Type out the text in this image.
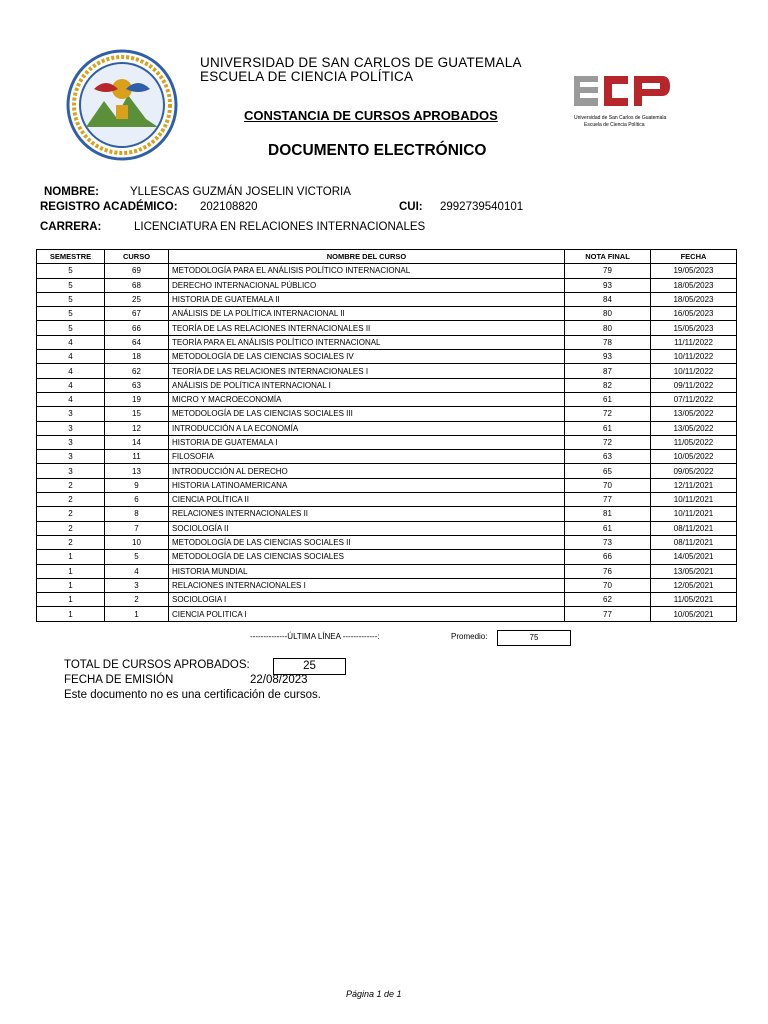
UNIVERSIDAD DE SAN CARLOS DE GUATEMALA
ESCUELA DE CIENCIA POLÍTICA
Universidad de San Carlos de Guatemala
Escuela de Ciencia Política
CONSTANCIA DE CURSOS APROBADOS
DOCUMENTO ELECTRÓNICO
NOMBRE:	YLLESCAS GUZMÁN JOSELIN VICTORIA
REGISTRO ACADÉMICO: 202108820	CUI: 2992739540101
CARRERA:	LICENCIATURA EN RELACIONES INTERNACIONALES
SEMESTRE	CURSO	NOMBRE DEL CURSO	NOTA FINAL	FECHA
5	69	METODOLOGÍA PARA EL ANÁLISIS POLÍTICO INTERNACIONAL	79	19/05/2023
5	68	DERECHO INTERNACIONAL PÚBLICO	93	18/05/2023
5	25	HISTORIA DE GUATEMALA II	84	18/05/2023
5	67	ANÁLISIS DE LA POLÍTICA INTERNACIONAL II	80	16/05/2023
5	66	TEORÍA DE LAS RELACIONES INTERNACIONALES II	80	15/05/2023
4	64	TEORÍA PARA EL ANÁLISIS POLÍTICO INTERNACIONAL	78	11/11/2022
4	18	METODOLOGÍA DE LAS CIENCIAS SOCIALES IV	93	10/11/2022
4	62	TEORÍA DE LAS RELACIONES INTERNACIONALES I	87	10/11/2022
4	63	ANÁLISIS DE POLÍTICA INTERNACIONAL I	82	09/11/2022
4	19	MICRO Y MACROECONOMÍA	61	07/11/2022
3	15	METODOLOGÍA DE LAS CIENCIAS SOCIALES III	72	13/05/2022
3	12	INTRODUCCIÓN A LA ECONOMÍA	61	13/05/2022
3	14	HISTORIA DE GUATEMALA I	72	11/05/2022
3	11	FILOSOFIA	63	10/05/2022
3	13	INTRODUCCIÓN AL DERECHO	65	09/05/2022
2	9	HISTORIA LATINOAMERICANA	70	12/11/2021
2	6	CIENCIA POLÍTICA II	77	10/11/2021
2	8	RELACIONES INTERNACIONALES II	81	10/11/2021
2	7	SOCIOLOGÍA II	61	08/11/2021
2	10	METODOLOGÍA DE LAS CIENCIAS SOCIALES II	73	08/11/2021
1	5	METODOLOGÍA DE LAS CIENCIAS SOCIALES	66	14/05/2021
1	4	HISTORIA MUNDIAL	76	13/05/2021
1	3	RELACIONES INTERNACIONALES I	70	12/05/2021
1	2	SOCIOLOGIA I	62	11/05/2021
1	1	CIENCIA POLITICA I	77	10/05/2021
--------------ÚLTIMA LÍNEA -------------:	Promedio:	75
TOTAL DE CURSOS APROBADOS:	25
FECHA DE EMISIÓN	22/08/2023
Este documento no es una certificación de cursos.
Página 1 de 1
